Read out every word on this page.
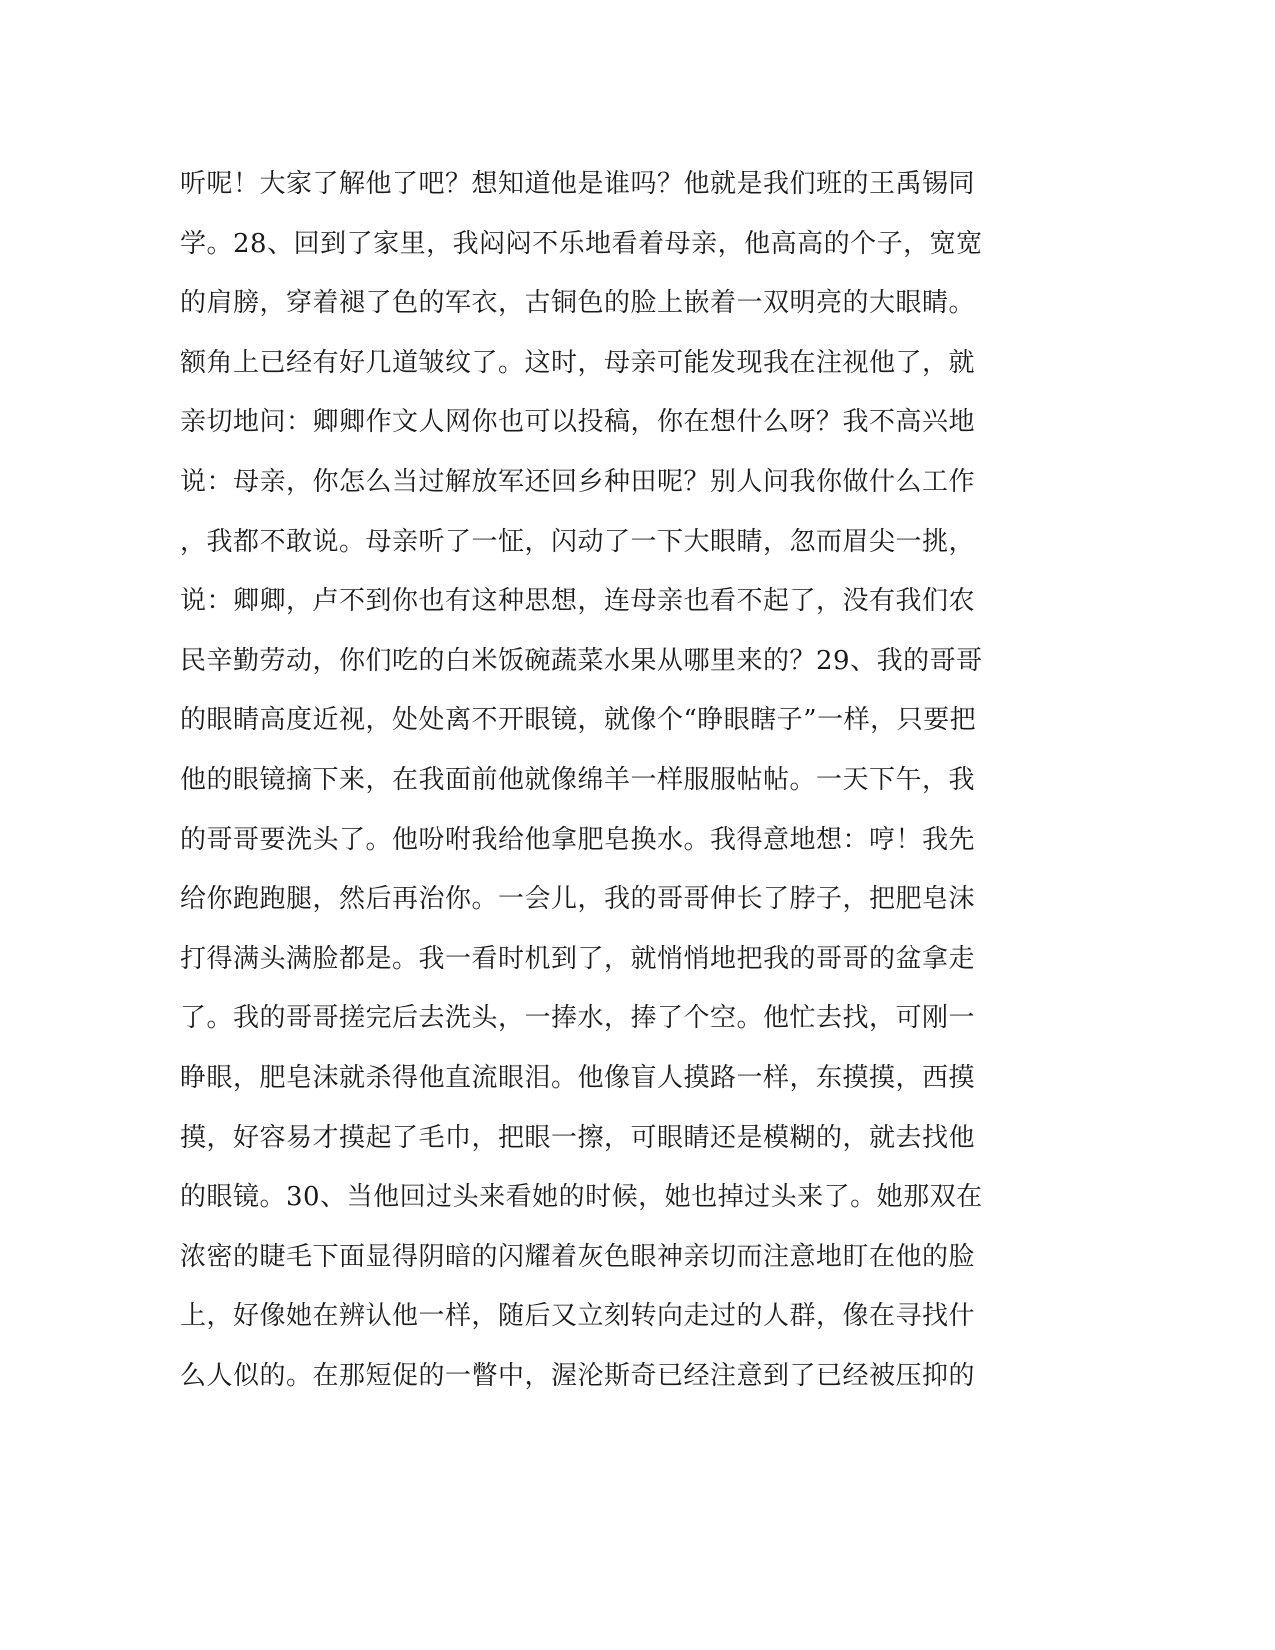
听呢！大家了解他了吧？想知道他是谁吗？他就是我们班的王禹锡同
学。28、回到了家里，我闷闷不乐地看着母亲，他高高的个子，宽宽
的肩膀，穿着褪了色的军衣，古铜色的脸上嵌着一双明亮的大眼睛。
额角上已经有好几道皱纹了。这时，母亲可能发现我在注视他了，就
亲切地问：卿卿作文人网你也可以投稿，你在想什么呀？我不高兴地
说：母亲，你怎么当过解放军还回乡种田呢？别人问我你做什么工作
，我都不敢说。母亲听了一怔，闪动了一下大眼睛，忽而眉尖一挑，
说：卿卿，卢不到你也有这种思想，连母亲也看不起了，没有我们农
民辛勤劳动，你们吃的白米饭碗蔬菜水果从哪里来的？29、我的哥哥
的眼睛高度近视，处处离不开眼镜，就像个“睁眼瞎子”一样，只要把
他的眼镜摘下来，在我面前他就像绵羊一样服服帖帖。一天下午，我
的哥哥要洗头了。他吩咐我给他拿肥皂换水。我得意地想：哼！我先
给你跑跑腿，然后再治你。一会儿，我的哥哥伸长了脖子，把肥皂沫
打得满头满脸都是。我一看时机到了，就悄悄地把我的哥哥的盆拿走
了。我的哥哥搓完后去洗头，一捧水，捧了个空。他忙去找，可刚一
睁眼，肥皂沫就杀得他直流眼泪。他像盲人摸路一样，东摸摸，西摸
摸，好容易才摸起了毛巾，把眼一擦，可眼睛还是模糊的，就去找他
的眼镜。30、当他回过头来看她的时候，她也掉过头来了。她那双在
浓密的睫毛下面显得阴暗的闪耀着灰色眼神亲切而注意地盯在他的脸
上，好像她在辨认他一样，随后又立刻转向走过的人群，像在寻找什
么人似的。在那短促的一瞥中，渥沦斯奇已经注意到了已经被压抑的
